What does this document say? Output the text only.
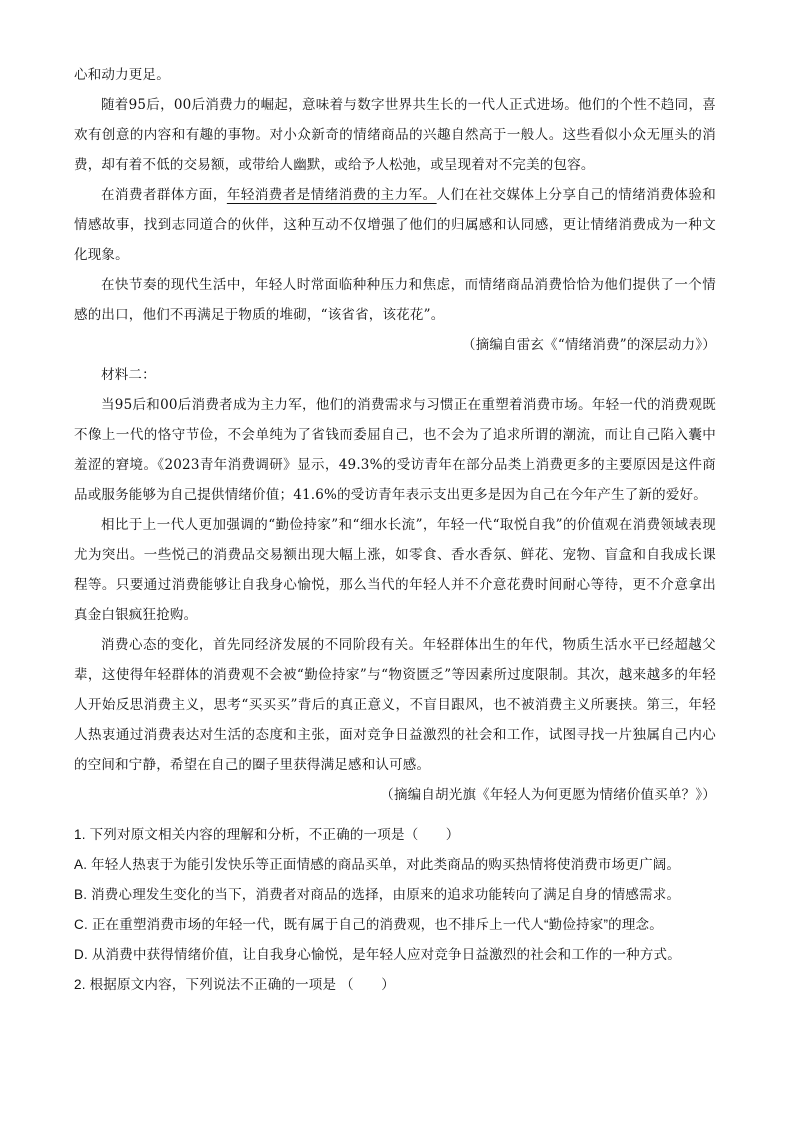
心和动力更足。

随着95后，00后消费力的崛起，意味着与数字世界共生长的一代人正式进场。他们的个性不趋同，喜欢有创意的内容和有趣的事物。对小众新奇的情绪商品的兴趣自然高于一般人。这些看似小众无厘头的消费，却有着不低的交易额，或带给人幽默，或给予人松弛，或呈现着对不完美的包容。

在消费者群体方面，年轻消费者是情绪消费的主力军。人们在社交媒体上分享自己的情绪消费体验和情感故事，找到志同道合的伙伴，这种互动不仅增强了他们的归属感和认同感，更让情绪消费成为一种文化现象。

在快节奏的现代生活中，年轻人时常面临种种压力和焦虑，而情绪商品消费恰恰为他们提供了一个情感的出口，他们不再满足于物质的堆砌，“该省省，该花花”。

（摘编自雷玄《“情绪消费”的深层动力》）

材料二：

当95后和00后消费者成为主力军，他们的消费需求与习惯正在重塑着消费市场。年轻一代的消费观既不像上一代的恪守节俭，不会单纯为了省钱而委屈自己，也不会为了追求所谓的潮流，而让自己陷入囊中羞涩的窘境。《2023青年消费调研》显示，49.3%的受访青年在部分品类上消费更多的主要原因是这件商品或服务能够为自己提供情绪价值；41.6%的受访青年表示支出更多是因为自己在今年产生了新的爱好。

相比于上一代人更加强调的“勤俭持家”和“细水长流”，年轻一代“取悦自我”的价值观在消费领域表现尤为突出。一些悦己的消费品交易额出现大幅上涨，如零食、香水香氛、鲜花、宠物、盲盒和自我成长课程等。只要通过消费能够让自我身心愉悦，那么当代的年轻人并不介意花费时间耐心等待，更不介意拿出真金白银疯狂抢购。

消费心态的变化，首先同经济发展的不同阶段有关。年轻群体出生的年代，物质生活水平已经超越父辈，这使得年轻群体的消费观不会被“勤俭持家”与“物资匮乏”等因素所过度限制。其次，越来越多的年轻人开始反思消费主义，思考“买买买”背后的真正意义，不盲目跟风，也不被消费主义所裹挟。第三，年轻人热衷通过消费表达对生活的态度和主张，面对竞争日益激烈的社会和工作，试图寻找一片独属自己内心的空间和宁静，希望在自己的圈子里获得满足感和认可感。

（摘编自胡光旗《年轻人为何更愿为情绪价值买单？》）

1. 下列对原文相关内容的理解和分析，不正确的一项是（　　）

A. 年轻人热衷于为能引发快乐等正面情感的商品买单，对此类商品的购买热情将使消费市场更广阔。

B. 消费心理发生变化的当下，消费者对商品的选择，由原来的追求功能转向了满足自身的情感需求。

C. 正在重塑消费市场的年轻一代，既有属于自己的消费观，也不排斥上一代人“勤俭持家”的理念。

D. 从消费中获得情绪价值，让自我身心愉悦，是年轻人应对竞争日益激烈的社会和工作的一种方式。

2. 根据原文内容，下列说法不正确的一项是 （　　）
